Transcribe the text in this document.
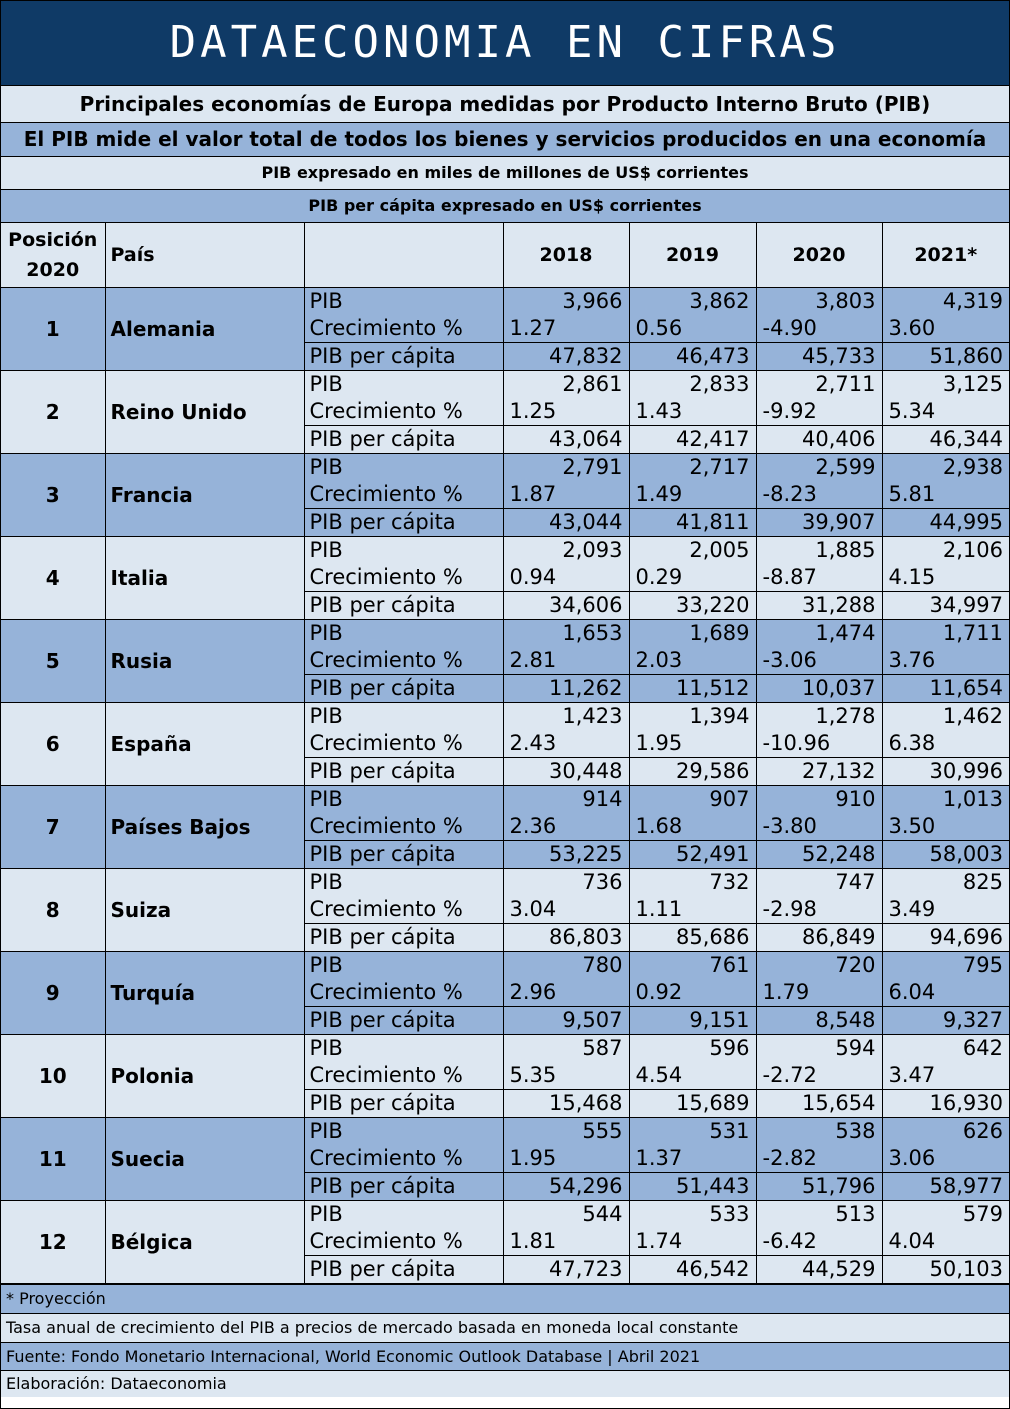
DATAECONOMIA EN CIFRAS
Principales economías de Europa medidas por Producto Interno Bruto (PIB)
El PIB mide el valor total de todos los bienes y servicios producidos en una economía
PIB expresado en miles de millones de US$ corrientes
PIB per cápita expresado en US$ corrientes
Posición
2020	País		2018	2019	2020	2021*
1	Alemania	PIB	3,966	3,862	3,803	4,319
		Crecimiento %	1.27	0.56	-4.90	3.60
		PIB per cápita	47,832	46,473	45,733	51,860
2	Reino Unido	PIB	2,861	2,833	2,711	3,125
		Crecimiento %	1.25	1.43	-9.92	5.34
		PIB per cápita	43,064	42,417	40,406	46,344
3	Francia	PIB	2,791	2,717	2,599	2,938
		Crecimiento %	1.87	1.49	-8.23	5.81
		PIB per cápita	43,044	41,811	39,907	44,995
4	Italia	PIB	2,093	2,005	1,885	2,106
		Crecimiento %	0.94	0.29	-8.87	4.15
		PIB per cápita	34,606	33,220	31,288	34,997
5	Rusia	PIB	1,653	1,689	1,474	1,711
		Crecimiento %	2.81	2.03	-3.06	3.76
		PIB per cápita	11,262	11,512	10,037	11,654
6	España	PIB	1,423	1,394	1,278	1,462
		Crecimiento %	2.43	1.95	-10.96	6.38
		PIB per cápita	30,448	29,586	27,132	30,996
7	Países Bajos	PIB	914	907	910	1,013
		Crecimiento %	2.36	1.68	-3.80	3.50
		PIB per cápita	53,225	52,491	52,248	58,003
8	Suiza	PIB	736	732	747	825
		Crecimiento %	3.04	1.11	-2.98	3.49
		PIB per cápita	86,803	85,686	86,849	94,696
9	Turquía	PIB	780	761	720	795
		Crecimiento %	2.96	0.92	1.79	6.04
		PIB per cápita	9,507	9,151	8,548	9,327
10	Polonia	PIB	587	596	594	642
		Crecimiento %	5.35	4.54	-2.72	3.47
		PIB per cápita	15,468	15,689	15,654	16,930
11	Suecia	PIB	555	531	538	626
		Crecimiento %	1.95	1.37	-2.82	3.06
		PIB per cápita	54,296	51,443	51,796	58,977
12	Bélgica	PIB	544	533	513	579
		Crecimiento %	1.81	1.74	-6.42	4.04
		PIB per cápita	47,723	46,542	44,529	50,103
* Proyección
Tasa anual de crecimiento del PIB a precios de mercado basada en moneda local constante
Fuente: Fondo Monetario Internacional, World Economic Outlook Database | Abril 2021
Elaboración: Dataeconomia
